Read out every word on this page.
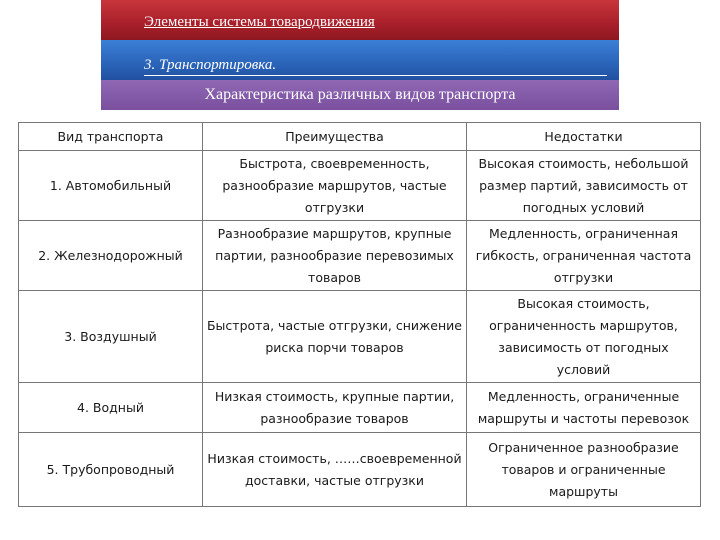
Элементы системы товародвижения
3. Транспортировка.
Характеристика различных видов транспорта
Вид транспорта	Преимущества	Недостатки
1. Автомобильный	Быстрота, своевременность, разнообразие маршрутов, частые отгрузки	Высокая стоимость, небольшой размер партий, зависимость от погодных условий
2. Железнодорожный	Разнообразие маршрутов, крупные партии, разнообразие перевозимых товаров	Медленность, ограниченная гибкость, ограниченная частота отгрузки
3. Воздушный	Быстрота, частые отгрузки, снижение риска порчи товаров	Высокая стоимость, ограниченность маршрутов, зависимость от погодных условий
4. Водный	Низкая стоимость, крупные партии, разнообразие товаров	Медленность, ограниченные маршруты и частоты перевозок
5. Трубопроводный	Низкая стоимость, ……своевременной доставки, частые отгрузки	Ограниченное разнообразие товаров и ограниченные маршруты
